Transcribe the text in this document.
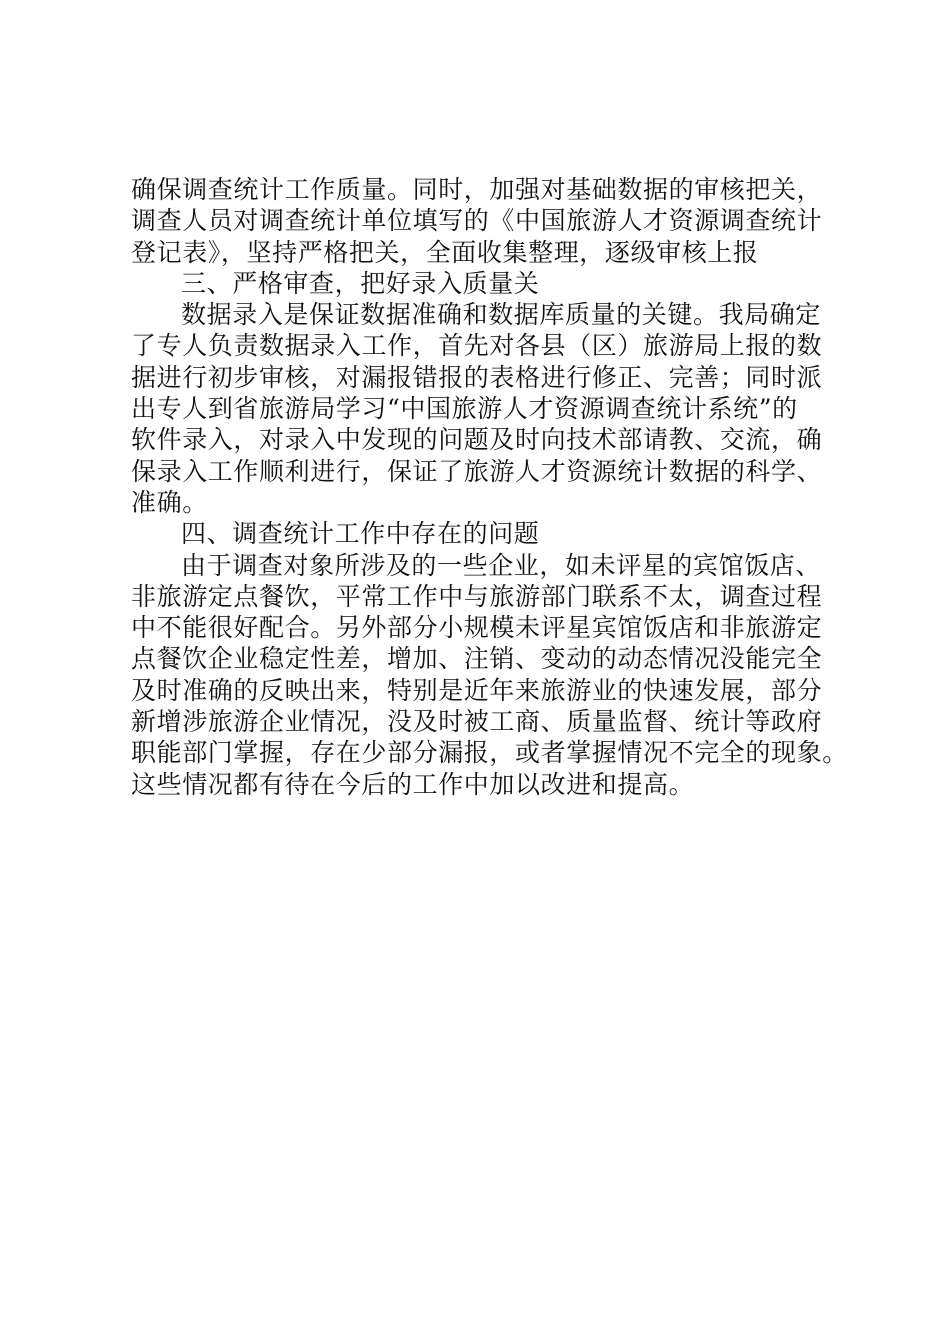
确保调查统计工作质量。同时，加强对基础数据的审核把关，
调查人员对调查统计单位填写的《中国旅游人才资源调查统计
登记表》，坚持严格把关，全面收集整理，逐级审核上报
三、严格审查，把好录入质量关
数据录入是保证数据准确和数据库质量的关键。我局确定
了专人负责数据录入工作，首先对各县（区）旅游局上报的数
据进行初步审核，对漏报错报的表格进行修正、完善；同时派
出专人到省旅游局学习“中国旅游人才资源调查统计系统”的
软件录入，对录入中发现的问题及时向技术部请教、交流，确
保录入工作顺利进行，保证了旅游人才资源统计数据的科学、
准确。
四、调查统计工作中存在的问题
由于调查对象所涉及的一些企业，如未评星的宾馆饭店、
非旅游定点餐饮，平常工作中与旅游部门联系不太，调查过程
中不能很好配合。另外部分小规模未评星宾馆饭店和非旅游定
点餐饮企业稳定性差，增加、注销、变动的动态情况没能完全
及时准确的反映出来，特别是近年来旅游业的快速发展，部分
新增涉旅游企业情况，没及时被工商、质量监督、统计等政府
职能部门掌握，存在少部分漏报，或者掌握情况不完全的现象。
这些情况都有待在今后的工作中加以改进和提高。
